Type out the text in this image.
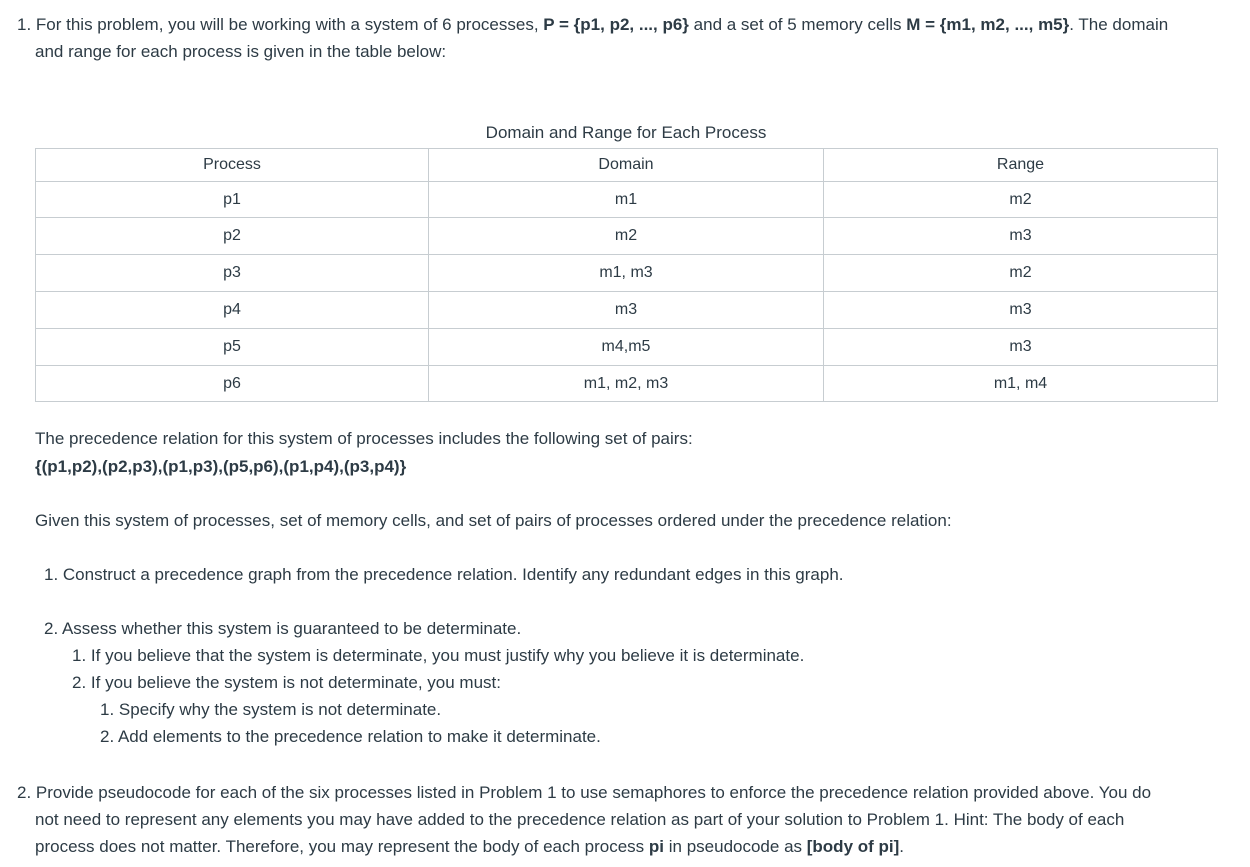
1. For this problem, you will be working with a system of 6 processes, P = {p1, p2, ..., p6} and a set of 5 memory cells M = {m1, m2, ..., m5}. The domain
and range for each process is given in the table below:
Domain and Range for Each Process
Process	Domain	Range
p1	m1	m2
p2	m2	m3
p3	m1, m3	m2
p4	m3	m3
p5	m4,m5	m3
p6	m1, m2, m3	m1, m4
The precedence relation for this system of processes includes the following set of pairs:
{(p1,p2),(p2,p3),(p1,p3),(p5,p6),(p1,p4),(p3,p4)}
Given this system of processes, set of memory cells, and set of pairs of processes ordered under the precedence relation:
1. Construct a precedence graph from the precedence relation. Identify any redundant edges in this graph.
2. Assess whether this system is guaranteed to be determinate.
1. If you believe that the system is determinate, you must justify why you believe it is determinate.
2. If you believe the system is not determinate, you must:
1. Specify why the system is not determinate.
2. Add elements to the precedence relation to make it determinate.
2. Provide pseudocode for each of the six processes listed in Problem 1 to use semaphores to enforce the precedence relation provided above. You do
not need to represent any elements you may have added to the precedence relation as part of your solution to Problem 1. Hint: The body of each
process does not matter. Therefore, you may represent the body of each process pi in pseudocode as [body of pi].
